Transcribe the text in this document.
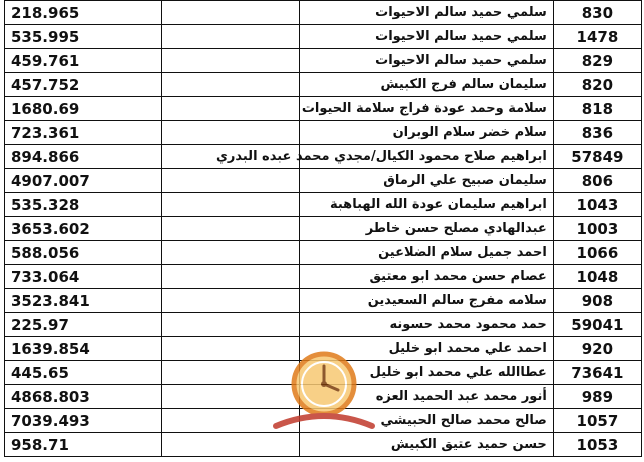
218.965		سلمي حميد سالم الاحيوات	830
535.995		سلمي حميد سالم الاحيوات	1478
459.761		سلمي حميد سالم الاحيوات	829
457.752		سليمان سالم فرج الكبيش	820
1680.69		سلامة وحمد عودة فراج سلامة الحيوات	818
723.361		سلام خضر سلام الوبران	836
894.866		ابراهيم صلاح محمود الكيال/مجدي محمد عبده البدري	57849
4907.007		سليمان صبيح علي الرماق	806
535.328		ابراهيم سليمان عودة الله الهباهبة	1043
3653.602		عبدالهادي مصلح حسن خاطر	1003
588.056		احمد جميل سلام الضلاعين	1066
733.064		عصام حسن محمد ابو معتيق	1048
3523.841		سلامه مفرج سالم السعيدين	908
225.97		حمد محمود محمد حسونه	59041
1639.854		احمد علي محمد ابو خليل	920
445.65		عطاالله علي محمد ابو خليل	73641
4868.803		أنور محمد عبد الحميد العزه	989
7039.493		صالح محمد صالح الحبيشي	1057
958.71		حسن حميد عتيق الكبيش	1053
